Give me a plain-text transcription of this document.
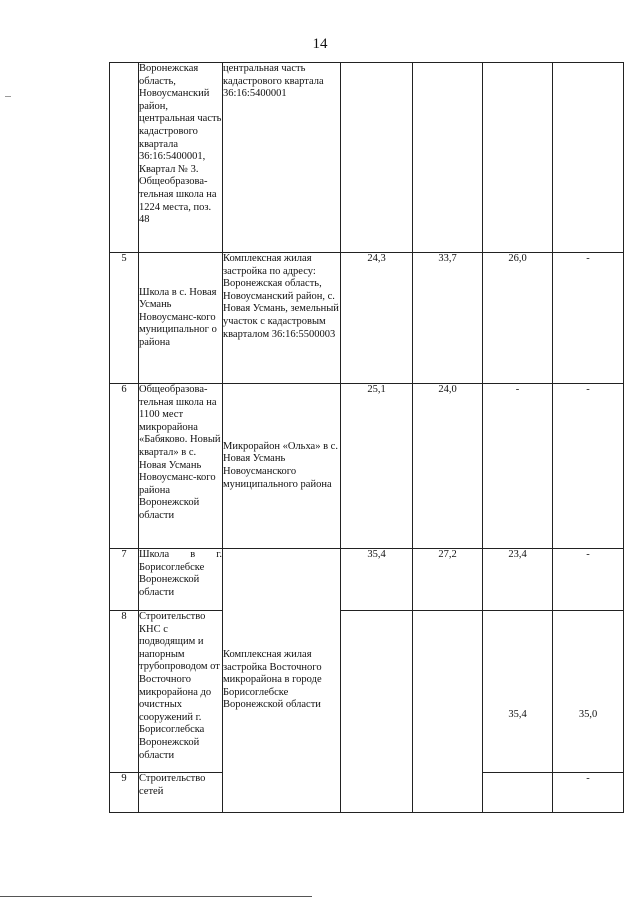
14

	Воронежская область, Новоусманский район, центральная часть кадастрового квартала 36:16:5400001, Квартал № 3. Общеобразова-тельная школа на 1224 места, поз. 48	центральная часть кадастрового квартала 36:16:5400001				

5	Школа в с. Новая Усмань Новоусманс-кого муниципальног о района	Комплексная жилая застройка по адресу: Воронежская область, Новоусманский район, с. Новая Усмань, земельный участок с кадастровым кварталом 36:16:5500003	24,3	33,7	26,0	-
6	Общеобразова-тельная школа на 1100 мест микрорайона «Бабяково. Новый квартал» в с. Новая Усмань Новоусманс-кого района Воронежской области	Микрорайон «Ольха» в с. Новая Усмань Новоусманского муниципального района	25,1	24,0	-	-
7	Школа в г. Борисоглебске Воронежской области	Комплексная жилая застройка Восточного микрорайона в городе Борисоглебске Воронежской области	35,4	27,2	23,4	-
8	Строительство КНС с подводящим и напорным трубопроводом от Восточного микрорайона до очистных сооружений г. Борисоглебска Воронежской области				35,4	35,0
9	Строительство сетей					-
